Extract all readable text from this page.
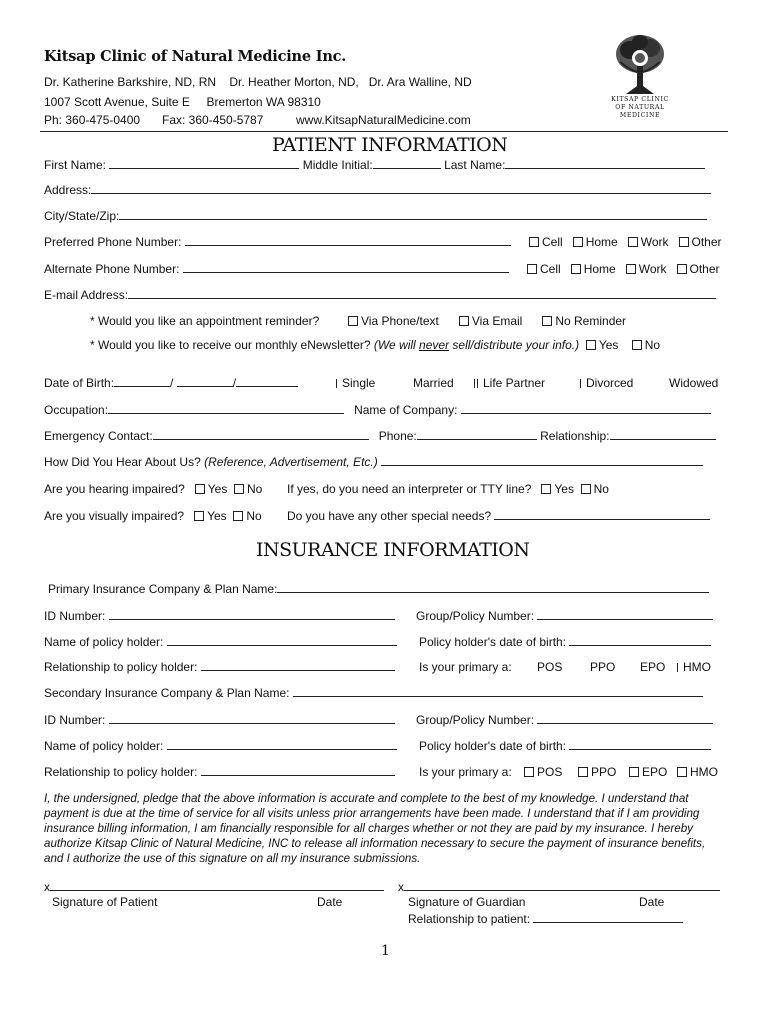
Kitsap Clinic of Natural Medicine Inc.
Dr. Katherine Barkshire, ND, RN    Dr. Heather Morton, ND,   Dr. Ara Walline, ND
1007 Scott Avenue, Suite E     Bremerton WA 98310
Ph: 360-475-0400 Fax: 360-450-5787	www.KitsapNaturalMedicine.com
KITSAP CLINIC
OF NATURAL MEDICINE
PATIENT INFORMATION
First Name:	Middle Initial:	Last Name:
Address:
City/State/Zip:
Preferred Phone Number:	Cell Home Work Other
Alternate Phone Number:	Cell Home Work Other
E-mail Address:
* Would you like an appointment reminder?	Via Phone/text	Via Email	No Reminder
* Would you like to receive our monthly eNewsletter? (We will never sell/distribute your info.) Yes No
Date of Birth:	/	/	Single	Married	Life Partner	Divorced	Widowed
Occupation:	Name of Company:
Emergency Contact:	Phone:	Relationship:
How Did You Hear About Us? (Reference, Advertisement, Etc.)
Are you hearing impaired? Yes No If yes, do you need an interpreter or TTY line? Yes No
Are you visually impaired? Yes No Do you have any other special needs?
INSURANCE INFORMATION
Primary Insurance Company & Plan Name:
ID Number:	Group/Policy Number:
Name of policy holder:	Policy holder's date of birth:
Relationship to policy holder:	Is your primary a: POS PPO EPO	HMO
Secondary Insurance Company & Plan Name:
ID Number:	Group/Policy Number:
Name of policy holder:	Policy holder's date of birth:
Relationship to policy holder:	Is your primary a:	POS	PPO	EPO	HMO
I, the undersigned, pledge that the above information is accurate and complete to the best of my knowledge. I understand that payment is due at the time of service for all visits unless prior arrangements have been made. I understand that if I am providing insurance billing information, I am financially responsible for all charges whether or not they are paid by my insurance. I hereby authorize Kitsap Clinic of Natural Medicine, INC to release all information necessary to secure the payment of insurance benefits, and I authorize the use of this signature on all my insurance submissions.
x	x
Signature of Patient	Date	Signature of Guardian	Date
Relationship to patient:
1
